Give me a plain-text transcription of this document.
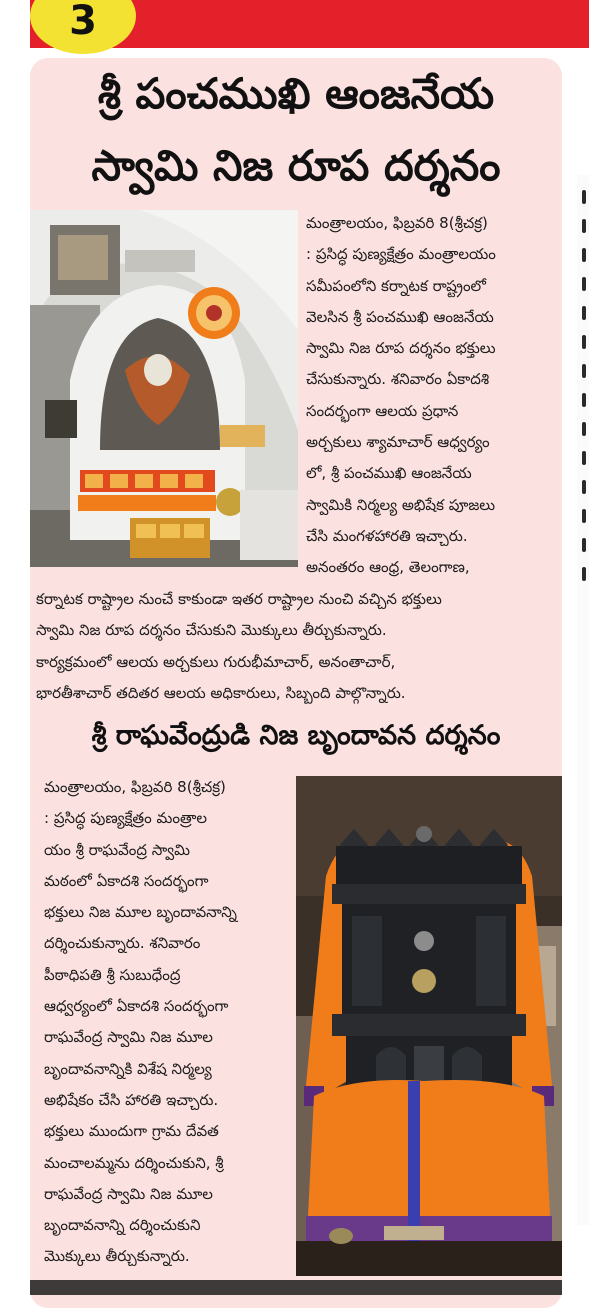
3
శ్రీ పంచముఖి ఆంజనేయ
స్వామి నిజ రూప దర్శనం
మంత్రాలయం, ఫిబ్రవరి 8(శ్రీచక్ర)
: ప్రసిద్ధ పుణ్యక్షేత్రం మంత్రాలయం
సమీపంలోని కర్నాటక రాష్ట్రంలో
వెలసిన శ్రీ పంచముఖి ఆంజనేయ
స్వామి నిజ రూప దర్శనం భక్తులు
చేసుకున్నారు. శనివారం ఏకాదశి
సందర్భంగా ఆలయ ప్రధాన
అర్చకులు శ్యామాచార్ ఆధ్వర్యం
లో, శ్రీ పంచముఖి ఆంజనేయ
స్వామికి నిర్మల్య అభిషేక పూజలు
చేసి మంగళహారతి ఇచ్చారు.
అనంతరం ఆంధ్ర, తెలంగాణ,
కర్నాటక రాష్ట్రాల నుంచే కాకుండా ఇతర రాష్ట్రాల నుంచి వచ్చిన భక్తులు
స్వామి నిజ రూప దర్శనం చేసుకుని మొక్కులు తీర్చుకున్నారు.
కార్యక్రమంలో ఆలయ అర్చకులు గురుభీమాచార్, అనంతాచార్,
భారతీశాచార్ తదితర ఆలయ అధికారులు, సిబ్బంది పాల్గొన్నారు.
శ్రీ రాఘవేంద్రుడి నిజ బృందావన దర్శనం
మంత్రాలయం, ఫిబ్రవరి 8(శ్రీచక్ర)
: ప్రసిద్ధ పుణ్యక్షేత్రం మంత్రాల
యం శ్రీ రాఘవేంద్ర స్వామి
మఠంలో ఏకాదశి సందర్భంగా
భక్తులు నిజ మూల బృందావనాన్ని
దర్శించుకున్నారు. శనివారం
పీఠాధిపతి శ్రీ సుబుధేంద్ర
ఆధ్వర్యంలో ఏకాదశి సందర్భంగా
రాఘవేంద్ర స్వామి నిజ మూల
బృందావనాన్నికి విశేష నిర్మల్య
అభిషేకం చేసి హారతి ఇచ్చారు.
భక్తులు ముందుగా గ్రామ దేవత
మంచాలమ్మను దర్శించుకుని, శ్రీ
రాఘవేంద్ర స్వామి నిజ మూల
బృందావనాన్ని దర్శించుకుని
మొక్కులు తీర్చుకున్నారు.
